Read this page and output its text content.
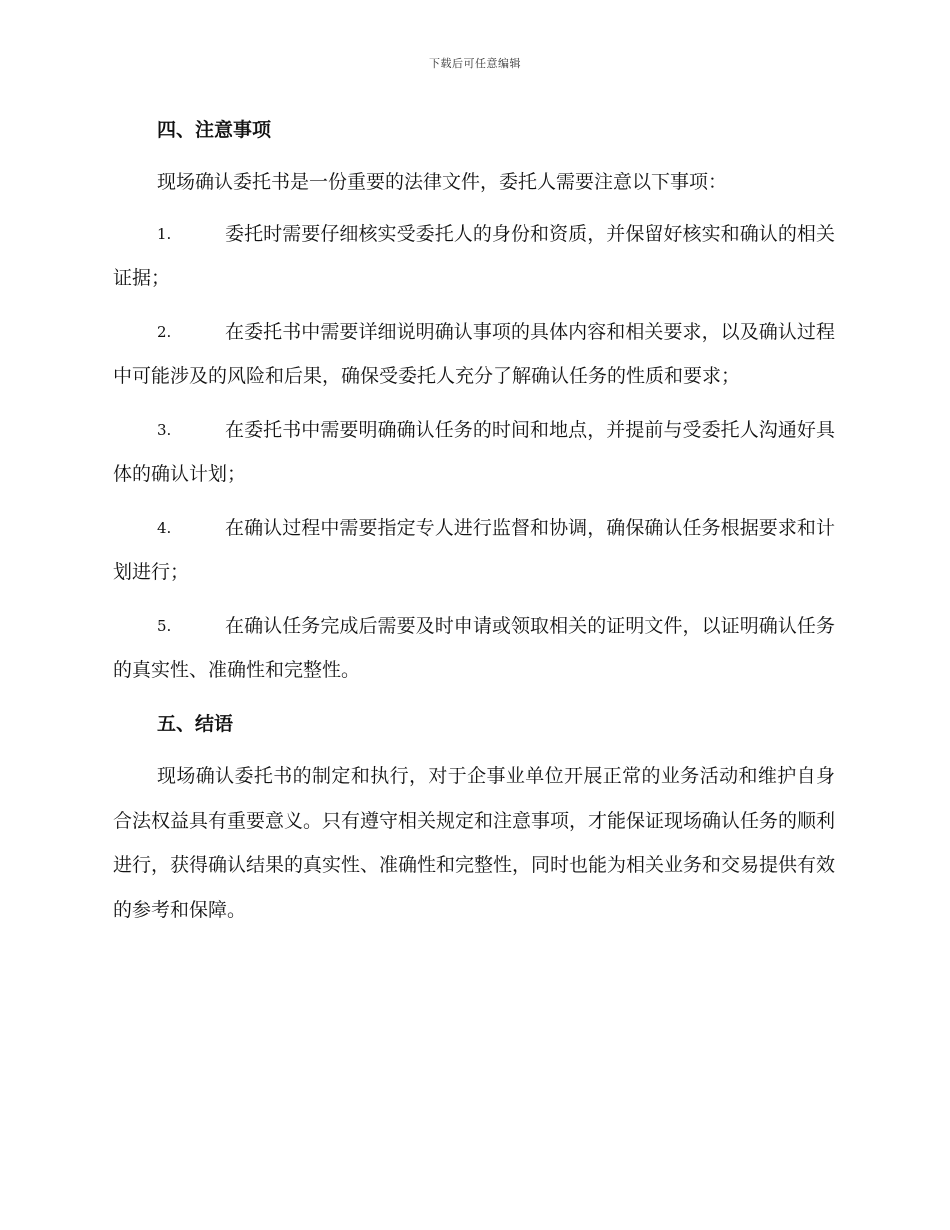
下载后可任意编辑
四、注意事项

现场确认委托书是一份重要的法律文件，委托人需要注意以下事项：

1.	委托时需要仔细核实受委托人的身份和资质，并保留好核实和确认的相关证据；
2.	在委托书中需要详细说明确认事项的具体内容和相关要求，以及确认过程中可能涉及的风险和后果，确保受委托人充分了解确认任务的性质和要求；
3.	在委托书中需要明确确认任务的时间和地点，并提前与受委托人沟通好具体的确认计划；
4.	在确认过程中需要指定专人进行监督和协调，确保确认任务根据要求和计划进行；
5.	在确认任务完成后需要及时申请或领取相关的证明文件，以证明确认任务的真实性、准确性和完整性。
五、结语

现场确认委托书的制定和执行，对于企事业单位开展正常的业务活动和维护自身合法权益具有重要意义。只有遵守相关规定和注意事项，才能保证现场确认任务的顺利进行，获得确认结果的真实性、准确性和完整性，同时也能为相关业务和交易提供有效的参考和保障。
